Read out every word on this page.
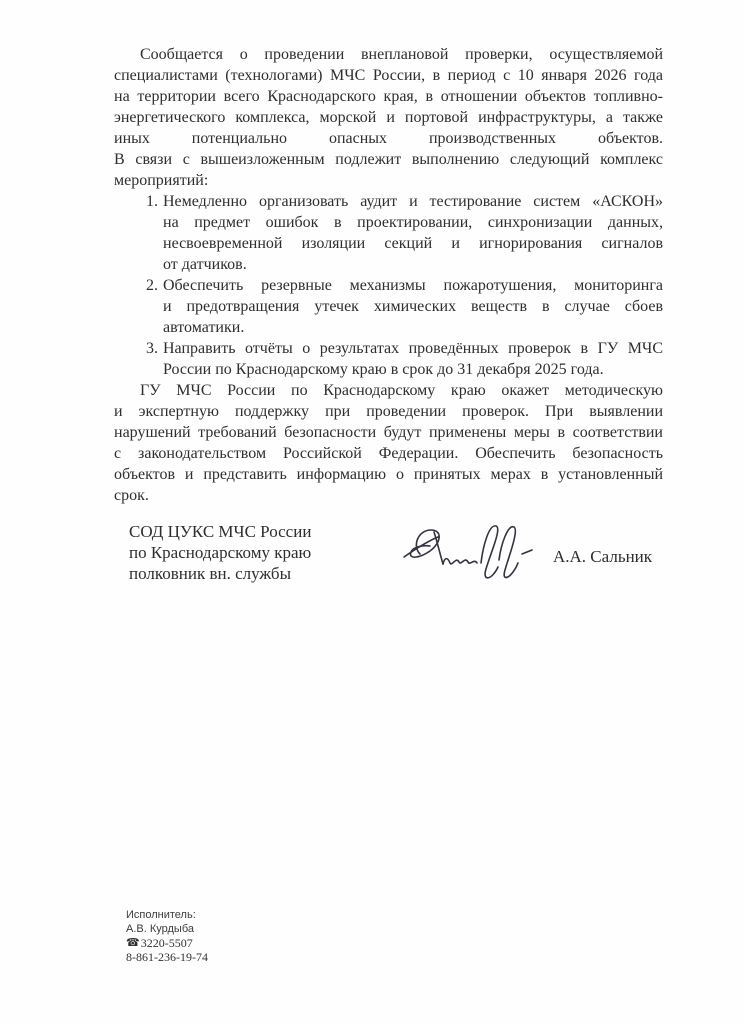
Сообщается о проведении внеплановой проверки, осуществляемой
специалистами (технологами) МЧС России, в период с 10 января 2026 года
на территории всего Краснодарского края, в отношении объектов топливно-
энергетического комплекса, морской и портовой инфраструктуры, а также
иных потенциально опасных производственных объектов.
В связи с вышеизложенным подлежит выполнению следующий комплекс
мероприятий:
1. Немедленно организовать аудит и тестирование систем «АСКОН»
на предмет ошибок в проектировании, синхронизации данных,
несвоевременной изоляции секций и игнорирования сигналов
от датчиков.
2. Обеспечить резервные механизмы пожаротушения, мониторинга
и предотвращения утечек химических веществ в случае сбоев
автоматики.
3. Направить отчёты о результатах проведённых проверок в ГУ МЧС
России по Краснодарскому краю в срок до 31 декабря 2025 года.
ГУ МЧС России по Краснодарскому краю окажет методическую
и экспертную поддержку при проведении проверок. При выявлении
нарушений требований безопасности будут применены меры в соответствии
с законодательством Российской Федерации. Обеспечить безопасность
объектов и представить информацию о принятых мерах в установленный
срок.
СОД ЦУКС МЧС России
по Краснодарскому краю
полковник вн. службы
А.А. Сальник
Исполнитель:
А.В. Курдыба
☎ 3220-5507
8-861-236-19-74
